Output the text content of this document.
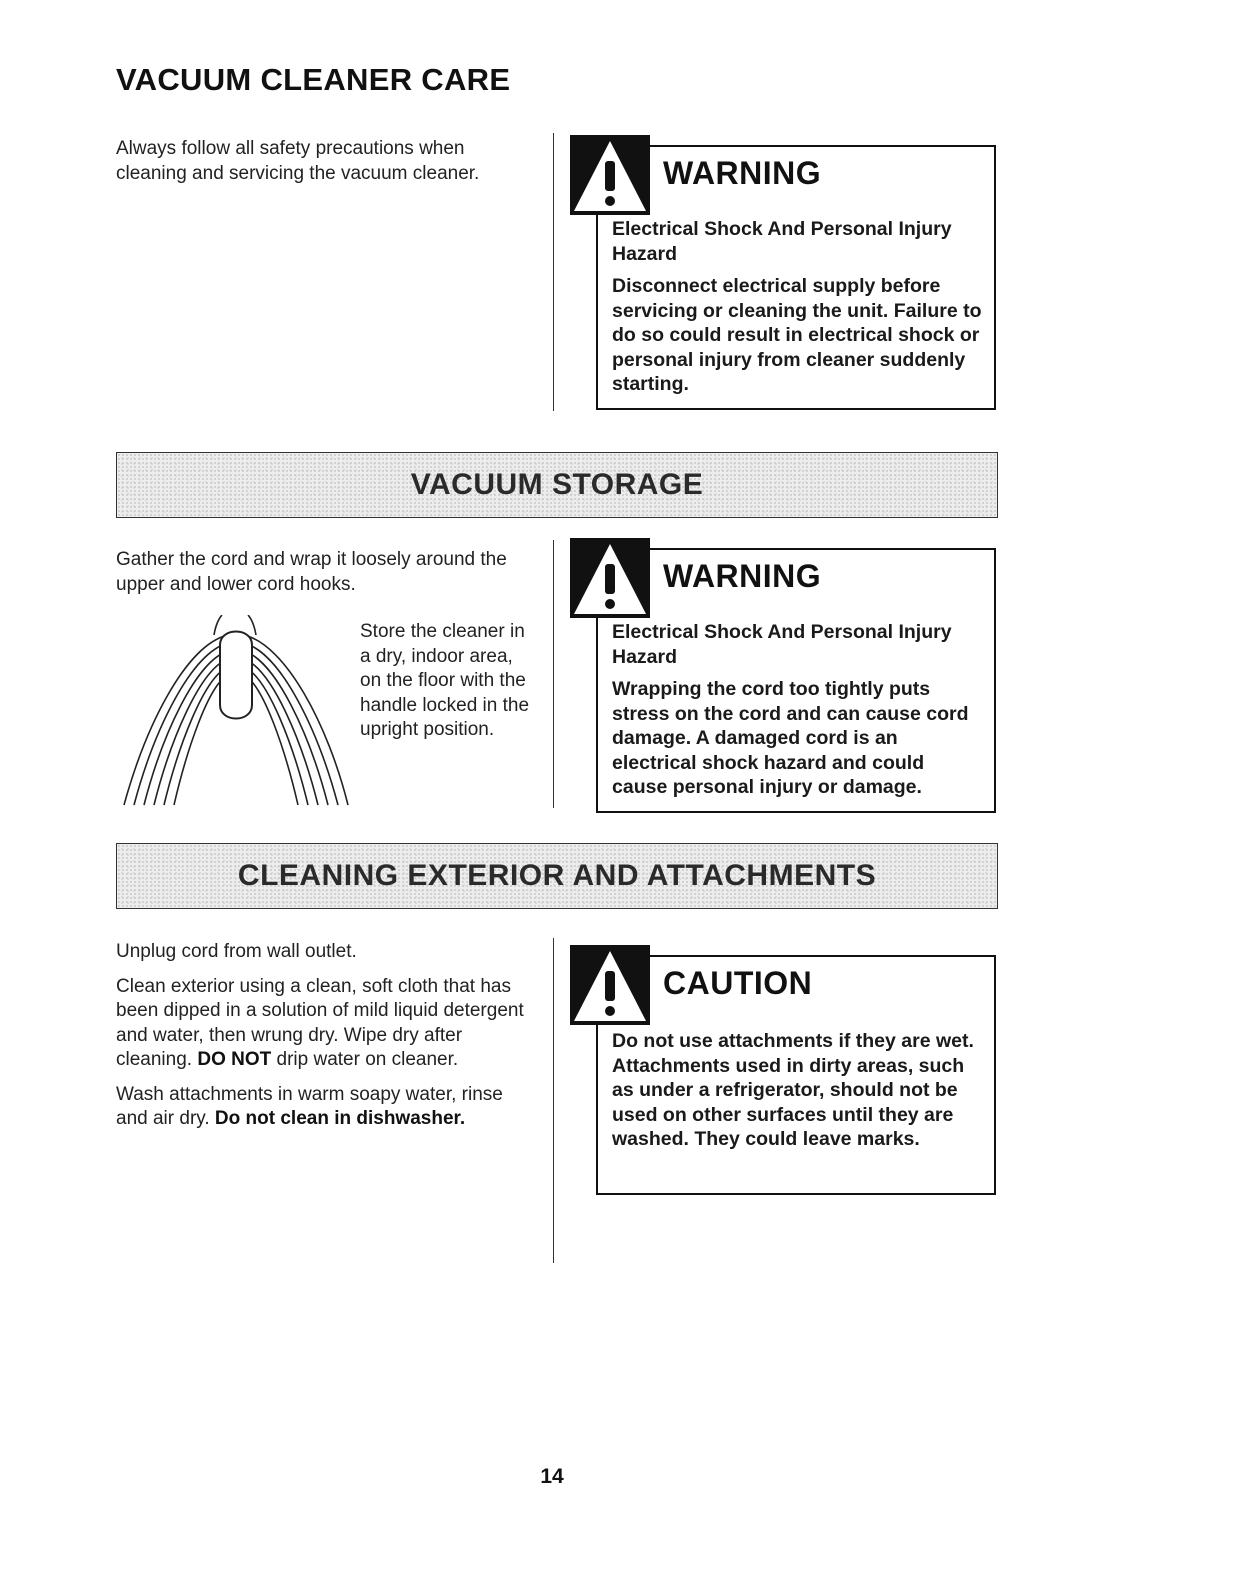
VACUUM CLEANER CARE

Always follow all safety precautions when cleaning and servicing the vacuum cleaner.	WARNING

Electrical Shock And Personal Injury Hazard

Disconnect electrical supply before servicing or cleaning the unit. Failure to do so could result in electrical shock or personal injury from cleaner suddenly starting.

VACUUM STORAGE

Gather the cord and wrap it loosely around the upper and lower cord hooks.

Store the cleaner in a dry, indoor area, on the floor with the handle locked in the upright position.

WARNING

Electrical Shock And Personal Injury Hazard

Wrapping the cord too tightly puts stress on the cord and can cause cord damage. A damaged cord is an electrical shock hazard and could cause personal injury or damage.

CLEANING EXTERIOR AND ATTACHMENTS

Unplug cord from wall outlet.

Clean exterior using a clean, soft cloth that has been dipped in a solution of mild liquid detergent and water, then wrung dry. Wipe dry after cleaning. DO NOT drip water on cleaner.

Wash attachments in warm soapy water, rinse and air dry. Do not clean in dishwasher.

CAUTION

Do not use attachments if they are wet. Attachments used in dirty areas, such as under a refrigerator, should not be used on other surfaces until they are washed. They could leave marks.

14
